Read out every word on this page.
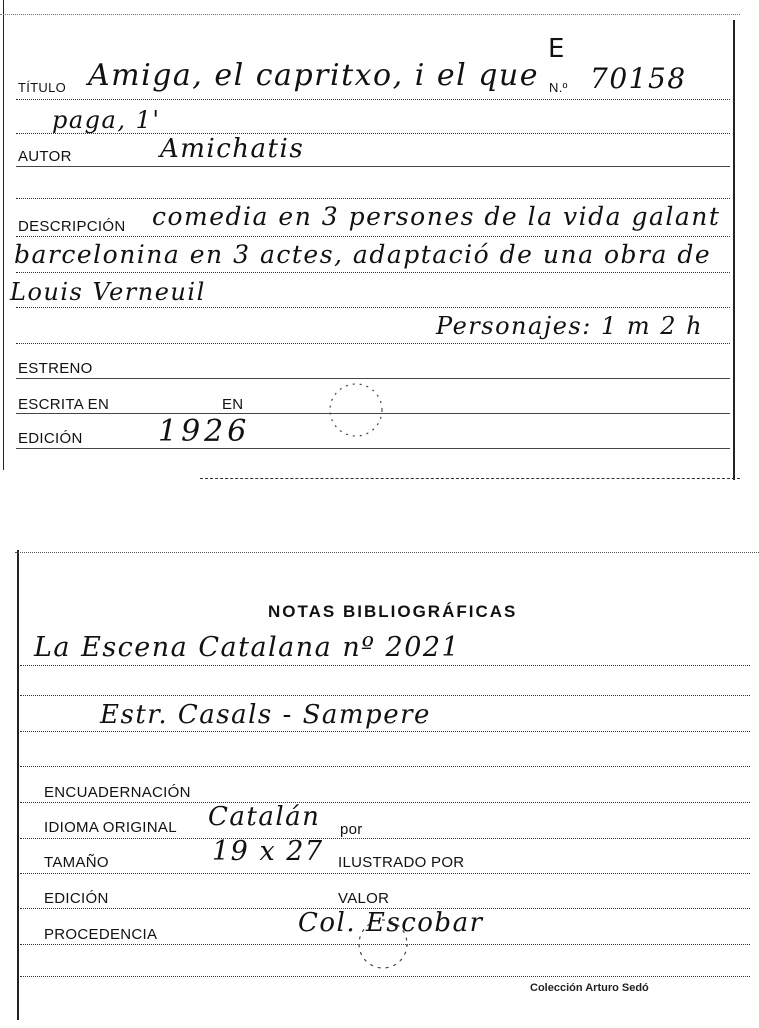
E
TÍTULO Amiga, el capritxo, i el que N.º 70158
paga, 1'
AUTOR	Amichatis
DESCRIPCIÓN comedia en 3 persones de la vida galant
barcelonina en 3 actes, adaptació de una obra de
Louis Verneuil
Personajes: 1 m 2 h
ESTRENO
ESCRITA EN	EN
EDICIÓN	1926
NOTAS BIBLIOGRÁFICAS
La Escena Catalana nº 2021
Estr. Casals - Sampere
ENCUADERNACIÓN
IDIOMA ORIGINAL Catalán por
TAMAÑO	19 x 27 ILUSTRADO POR
EDICIÓN	VALOR
PROCEDENCIA	Col. Escobar
Colección Arturo Sedó
